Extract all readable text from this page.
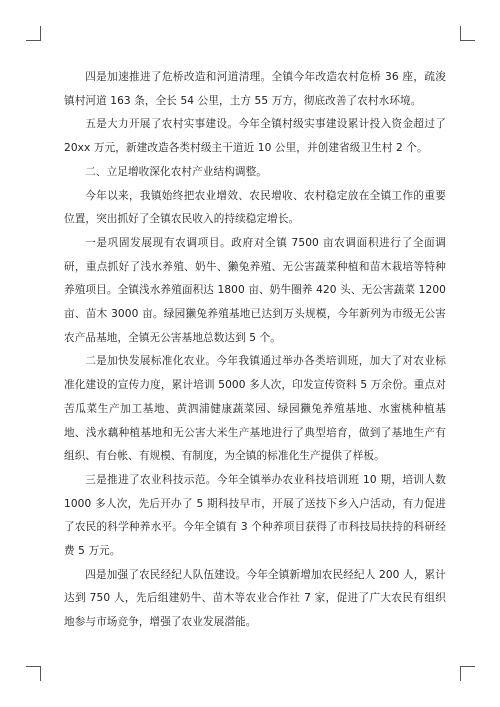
四是加速推进了危桥改造和河道清理。全镇今年改造农村危桥 36 座，疏浚镇村河道 163 条，全长 54 公里，土方 55 万方，彻底改善了农村水环境。

五是大力开展了农村实事建设。今年全镇村级实事建设累计投入资金超过了 20xx 万元，新建改造各类村级主干道近 10 公里，并创建省级卫生村 2 个。

二、立足增收深化农村产业结构调整。

今年以来，我镇始终把农业增效、农民增收、农村稳定放在全镇工作的重要位置，突出抓好了全镇农民收入的持续稳定增长。

一是巩固发展现有农调项目。政府对全镇 7500 亩农调面积进行了全面调研，重点抓好了浅水养殖、奶牛、獭兔养殖、无公害蔬菜种植和苗木栽培等特种养殖项目。全镇浅水养殖面积达 1800 亩、奶牛圈养 420 头、无公害蔬菜 1200 亩、苗木 3000 亩。绿园獭兔养殖基地已达到万头规模，今年新列为市级无公害农产品基地，全镇无公害基地总数达到 5 个。

二是加快发展标准化农业。今年我镇通过举办各类培训班，加大了对农业标准化建设的宣传力度，累计培训 5000 多人次，印发宣传资料 5 万余份。重点对苦瓜菜生产加工基地、黄泗浦健康蔬菜园、绿园獭兔养殖基地、水蜜桃种植基地、浅水藕种植基地和无公害大米生产基地进行了典型培育，做到了基地生产有组织、有台帐、有规模、有制度，为全镇的标准化生产提供了样板。

三是推进了农业科技示范。今年全镇举办农业科技培训班 10 期，培训人数 1000 多人次，先后开办了 5 期科技早市，开展了送技下乡入户活动，有力促进了农民的科学种养水平。今年全镇有 3 个种养项目获得了市科技局扶持的科研经费 5 万元。

四是加强了农民经纪人队伍建设。今年全镇新增加农民经纪人 200 人，累计达到 750 人，先后组建奶牛、苗木等农业合作社 7 家，促进了广大农民有组织地参与市场竞争，增强了农业发展潜能。
